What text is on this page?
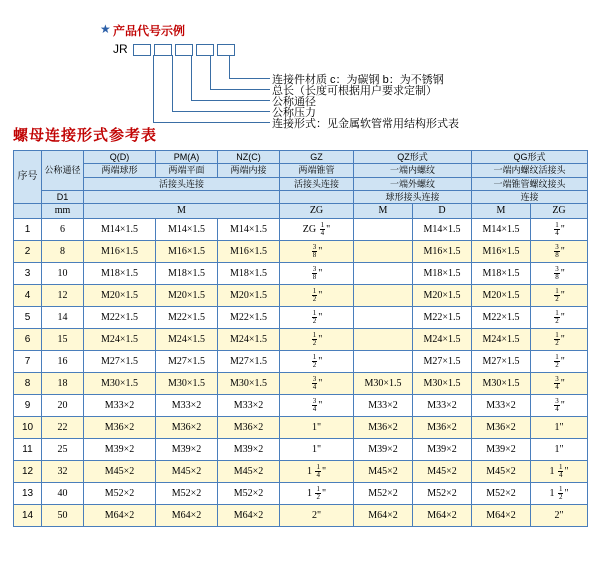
★ 产品代号示例
JR
连接件材质 c：为碳钢 b：为不锈钢
总长（长度可根据用户要求定制）
公称通径
公称压力
连接形式：见金属软管常用结构形式表
螺母连接形式参考表
序号	公称通径	Q(D)	PM(A)	NZ(C)	GZ	QZ形式		QG形式	
		两端球形	两端平面	两端内接	两端锥管	一端内螺纹		一端内螺纹活接头	
		活接头连接			活接头连接	一端外螺纹		一端锥管螺纹接头	
	D1					球形接头连接		连接	
	mm	M			ZG	M	D	M	ZG
1	6	M14×1.5	M14×1.5	M14×1.5	ZG $\frac{1}{4}$ "		M14×1.5	M14×1.5	$\frac{1}{4}$ "
2	8	M16×1.5	M16×1.5	M16×1.5	$\frac{3}{8}$ "		M16×1.5	M16×1.5	$\frac{3}{8}$ "
3	10	M18×1.5	M18×1.5	M18×1.5	$\frac{3}{8}$ "		M18×1.5	M18×1.5	$\frac{3}{8}$ "
4	12	M20×1.5	M20×1.5	M20×1.5	$\frac{1}{2}$ "		M20×1.5	M20×1.5	$\frac{1}{2}$ "
5	14	M22×1.5	M22×1.5	M22×1.5	$\frac{1}{2}$ "		M22×1.5	M22×1.5	$\frac{1}{2}$ "
6	15	M24×1.5	M24×1.5	M24×1.5	$\frac{1}{2}$ "		M24×1.5	M24×1.5	$\frac{1}{2}$ "
7	16	M27×1.5	M27×1.5	M27×1.5	$\frac{1}{2}$ "		M27×1.5	M27×1.5	$\frac{1}{2}$ "
8	18	M30×1.5	M30×1.5	M30×1.5	$\frac{3}{4}$ "	M30×1.5	M30×1.5	M30×1.5	$\frac{3}{4}$ "
9	20	M33×2	M33×2	M33×2	$\frac{3}{4}$ "	M33×2	M33×2	M33×2	$\frac{3}{4}$ "
10	22	M36×2	M36×2	M36×2	1"	M36×2	M36×2	M36×2	1"
11	25	M39×2	M39×2	M39×2	1"	M39×2	M39×2	M39×2	1"
12	32	M45×2	M45×2	M45×2	$1 \frac{1}{4}$ "	M45×2	M45×2	M45×2	$1 \frac{1}{4}$ "
13	40	M52×2	M52×2	M52×2	$1 \frac{1}{2}$ "	M52×2	M52×2	M52×2	$1 \frac{1}{2}$ "
14	50	M64×2	M64×2	M64×2	2"	M64×2	M64×2	M64×2	2"
